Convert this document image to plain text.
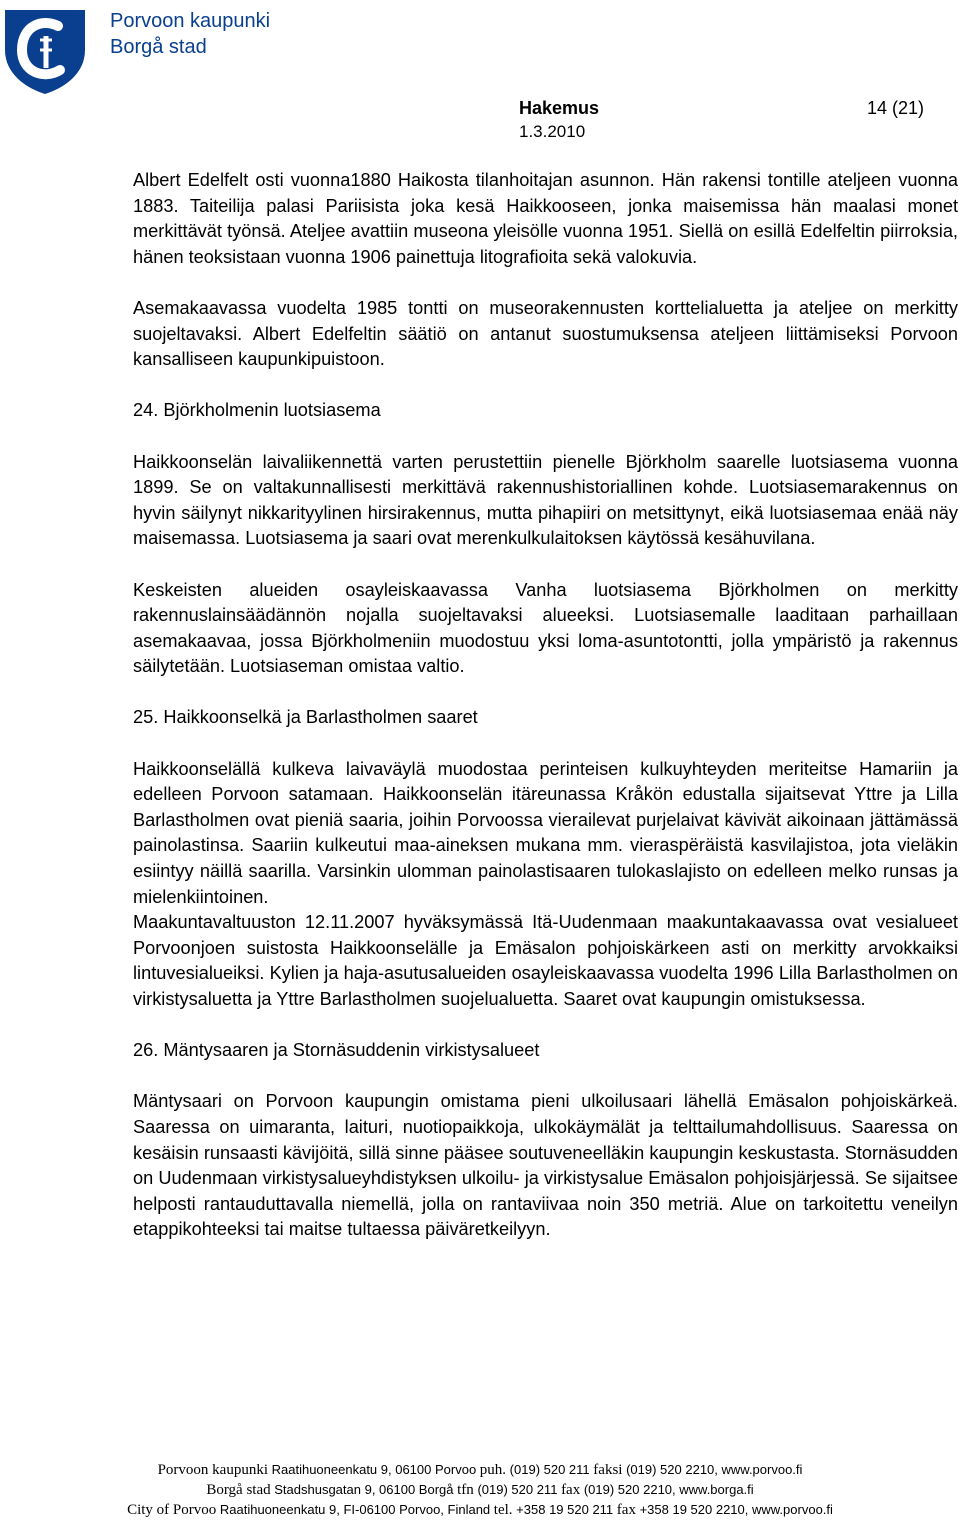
Porvoon kaupunki
Borgå stad
Hakemus
1.3.2010
14 (21)

Albert Edelfelt osti vuonna1880 Haikosta tilanhoitajan asunnon. Hän rakensi tontille ateljeen vuonna 1883. Taiteilija palasi Pariisista joka kesä Haikkooseen, jonka maisemissa hän maalasi monet merkittävät työnsä. Ateljee avattiin museona yleisölle vuonna 1951. Siellä on esillä Edelfeltin piirroksia, hänen teoksistaan vuonna 1906 painettuja litografioita sekä valokuvia.

Asemakaavassa vuodelta 1985 tontti on museorakennusten korttelialuetta ja ateljee on merkitty suojeltavaksi. Albert Edelfeltin säätiö on antanut suostumuksensa ateljeen liittämiseksi Porvoon kansalliseen kaupunkipuistoon.

24. Björkholmenin luotsiasema

Haikkoonselän laivaliikennettä varten perustettiin pienelle Björkholm saarelle luotsiasema vuonna 1899. Se on valtakunnallisesti merkittävä rakennushistoriallinen kohde. Luotsiasemarakennus on hyvin säilynyt nikkarityylinen hirsirakennus, mutta pihapiiri on metsittynyt, eikä luotsiasemaa enää näy maisemassa. Luotsiasema ja saari ovat merenkulkulaitoksen käytössä kesähuvilana.

Keskeisten alueiden osayleiskaavassa Vanha luotsiasema Björkholmen on merkitty rakennuslainsäädännön nojalla suojeltavaksi alueeksi. Luotsiasemalle laaditaan parhaillaan asemakaavaa, jossa Björkholmeniin muodostuu yksi loma-asuntotontti, jolla ympäristö ja rakennus säilytetään. Luotsiaseman omistaa valtio.

25. Haikkoonselkä ja Barlastholmen saaret

Haikkoonselällä kulkeva laivaväylä muodostaa perinteisen kulkuyhteyden meriteitse Hamariin ja edelleen Porvoon satamaan. Haikkoonselän itäreunassa Kråkön edustalla sijaitsevat Yttre ja Lilla Barlastholmen ovat pieniä saaria, joihin Porvoossa vierailevat purjelaivat kävivät aikoinaan jättämässä painolastinsa. Saariin kulkeutui maa-aineksen mukana mm. vieraspëräistä kasvilajistoa, jota vieläkin esiintyy näillä saarilla. Varsinkin ulomman painolastisaaren tulokaslajisto on edelleen melko runsas ja mielenkiintoinen.

Maakuntavaltuuston 12.11.2007 hyväksymässä Itä-Uudenmaan maakuntakaavassa ovat vesialueet Porvoonjoen suistosta Haikkoonselälle ja Emäsalon pohjoiskärkeen asti on merkitty arvokkaiksi lintuvesialueiksi. Kylien ja haja-asutusalueiden osayleiskaavassa vuodelta 1996 Lilla Barlastholmen on virkistysaluetta ja Yttre Barlastholmen suojelualuetta. Saaret ovat kaupungin omistuksessa.

26. Mäntysaaren ja Stornäsuddenin virkistysalueet

Mäntysaari on Porvoon kaupungin omistama pieni ulkoilusaari lähellä Emäsalon pohjoiskärkeä. Saaressa on uimaranta, laituri, nuotiopaikkoja, ulkokäymälät ja telttailumahdollisuus. Saaressa on kesäisin runsaasti kävijöitä, sillä sinne pääsee soutuveneelläkin kaupungin keskustasta. Stornäsudden on Uudenmaan virkistysalueyhdistyksen ulkoilu- ja virkistysalue Emäsalon pohjoisjärjessä. Se sijaitsee helposti rantauduttavalla niemellä, jolla on rantaviivaa noin 350 metriä. Alue on tarkoitettu veneilyn etappikohteeksi tai maitse tultaessa päiväretkeilyyn.

Porvoon kaupunki Raatihuoneenkatu 9, 06100 Porvoo puh. (019) 520 211 faksi (019) 520 2210, www.porvoo.fi
Borgå stad Stadshusgatan 9, 06100 Borgå tfn (019) 520 211 fax (019) 520 2210, www.borga.fi
City of Porvoo Raatihuoneenkatu 9, FI-06100 Porvoo, Finland tel. +358 19 520 211 fax +358 19 520 2210, www.porvoo.fi
